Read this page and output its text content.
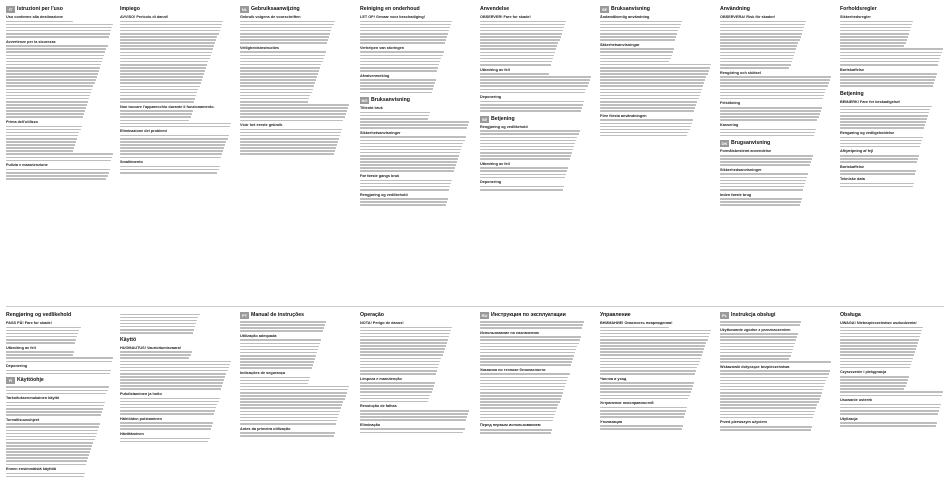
IT Istruzioni per l'uso
Uso conforme alla destinazione
Avvertenze per la sicurezza
Prima dell'utilizzo
Pulizia e manutenzione
Impiego
AVVISO! Pericolo di danni!
Non toccare l'apparecchio durante il funzionamento.
Eliminazione dei problemi
Smaltimento
NL Gebruiksaanwijzing
Gebruik volgens de voorschriften
Veiligheidsinstructies
Vóór het eerste gebruik
Reiniging en onderhoud
LET OP! Gevaar voor beschadiging!
Verhelpen van storingen
Afvalverwerking
NO Bruksanvisning
Tiltenkt bruk
Sikkerhetsanvisninger
Før første gangs bruk
Rengjøring og vedlikehold
Anvendelse
OBSERVER! Fare for skade!
Utbedring av feil
Deponering
SE Betjening
Rengjøring og vedlikehold
Utbedring av feil
Deponering
SE Bruksanvisning
Ändamålsenlig användning
Säkerhetsanvisningar
Före första användningen
Användning
OBSERVERA! Risk för skador!
Rengöring och skötsel
Felsökning
Kassering
DK Brugsanvisning
Formålsbestemt anvendelse
Sikkerhedsanvisninger
Inden første brug
Forholdsregler
Sikkerhedsregler
Bortskaffelse
Betjening
BEMÆRK! Fare for beskadigelse!
Rengøring og vedligeholdelse
Afhjælpning af fejl
Bortskaffelse
Tekniske data
Rengjøring og vedlikehold
PASS PÅ! Fare for skade!
Utbedring av feil
Deponering
FI Käyttöohje
Tarkoituksenmukainen käyttö
Turvallisuusohjeet
Ennen ensimmäistä käyttöä
Käyttö
HUOMAUTUS! Vaurioitumisvaara!
Puhdistaminen ja hoito
Häiriöiden poistaminen
Hävittäminen
PT Manual de instruções
Utilização adequada
Indicações de segurança
Antes da primeira utilização
Operação
NOTA! Perigo de danos!
Limpeza e manutenção
Resolução de falhas
Eliminação
RU Инструкция по эксплуатации
Использование по назначению
Указания по технике безопасности
Перед первым использованием
Управление
ВНИМАНИЕ! Опасность повреждения!
Чистка и уход
Устранение неисправностей
Утилизация
PL Instrukcja obsługi
Użytkowanie zgodne z przeznaczeniem
Wskazówki dotyczące bezpieczeństwa
Przed pierwszym użyciem
Obsługa
UWAGA! Niebezpieczeństwo uszkodzenia!
Czyszczenie i pielęgnacja
Usuwanie usterek
Utylizacja
